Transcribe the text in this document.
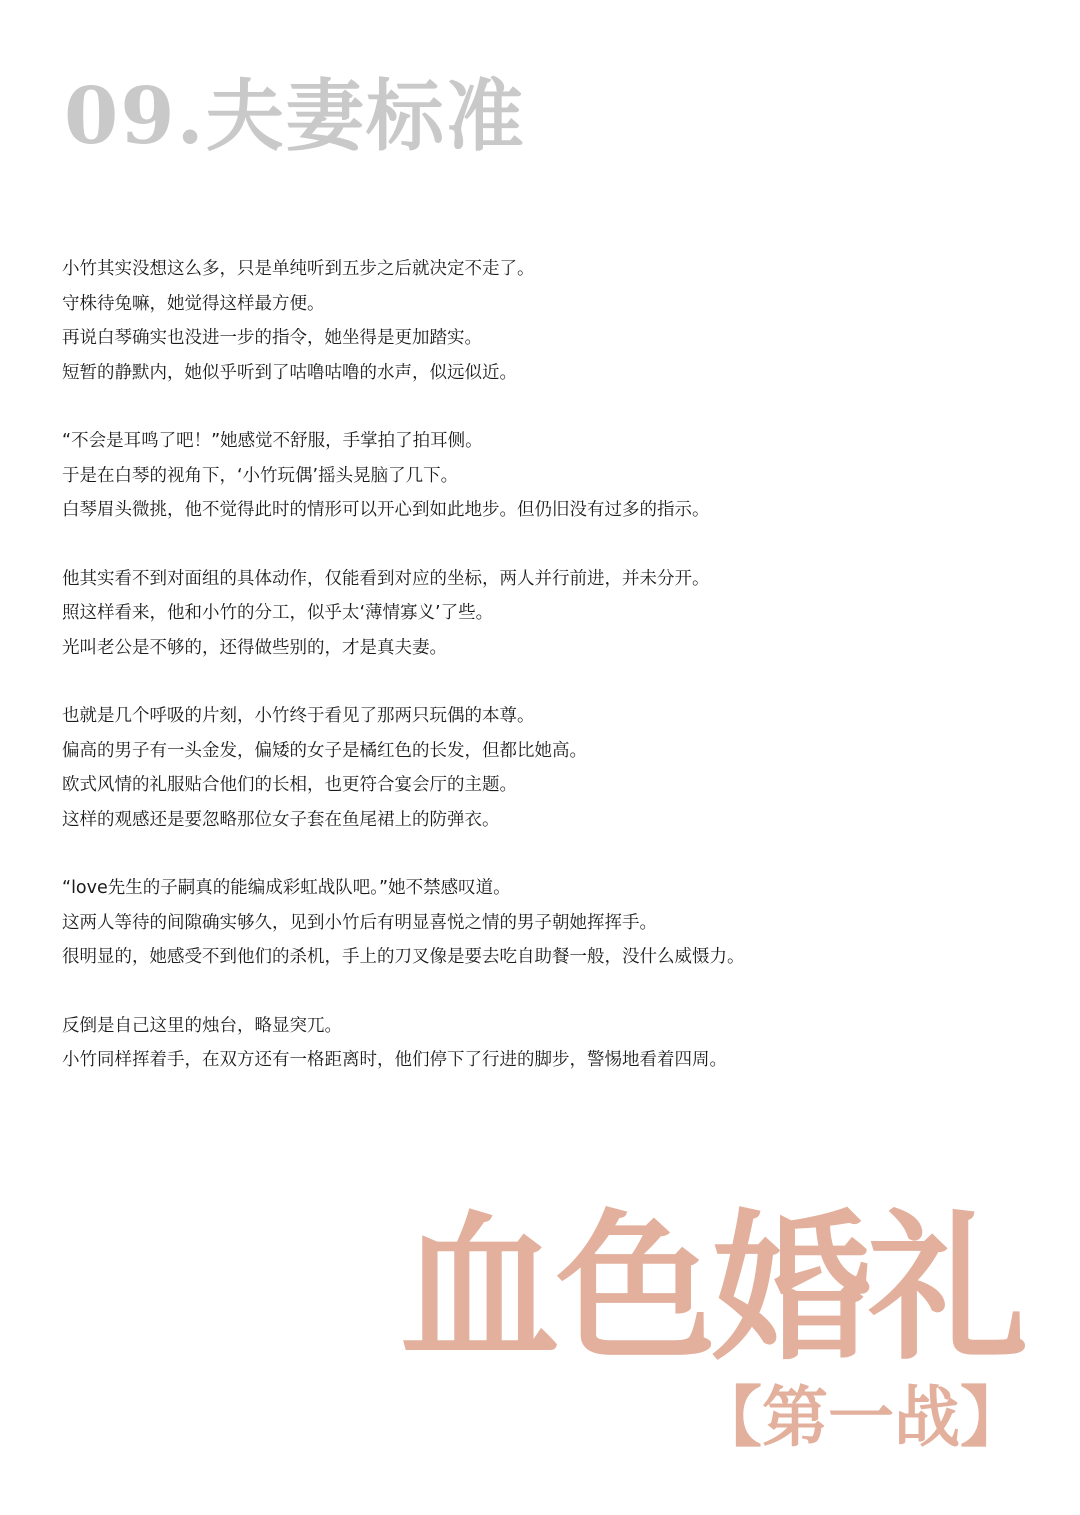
09.夫妻标准
小竹其实没想这么多，只是单纯听到五步之后就决定不走了。
守株待兔嘛，她觉得这样最方便。
再说白琴确实也没进一步的指令，她坐得是更加踏实。
短暂的静默内，她似乎听到了咕噜咕噜的水声，似远似近。
“不会是耳鸣了吧！”她感觉不舒服，手掌拍了拍耳侧。
于是在白琴的视角下，‘小竹玩偶’摇头晃脑了几下。
白琴眉头微挑，他不觉得此时的情形可以开心到如此地步。但仍旧没有过多的指示。
他其实看不到对面组的具体动作，仅能看到对应的坐标，两人并行前进，并未分开。
照这样看来，他和小竹的分工，似乎太‘薄情寡义’了些。
光叫老公是不够的，还得做些别的，才是真夫妻。
也就是几个呼吸的片刻，小竹终于看见了那两只玩偶的本尊。
偏高的男子有一头金发，偏矮的女子是橘红色的长发，但都比她高。
欧式风情的礼服贴合他们的长相，也更符合宴会厅的主题。
这样的观感还是要忽略那位女子套在鱼尾裙上的防弹衣。
“love先生的子嗣真的能编成彩虹战队吧。”她不禁感叹道。
这两人等待的间隙确实够久，见到小竹后有明显喜悦之情的男子朝她挥挥手。
很明显的，她感受不到他们的杀机，手上的刀叉像是要去吃自助餐一般，没什么威慑力。
反倒是自己这里的烛台，略显突兀。
小竹同样挥着手，在双方还有一格距离时，他们停下了行进的脚步，警惕地看着四周。
血色婚礼
【第一战】
